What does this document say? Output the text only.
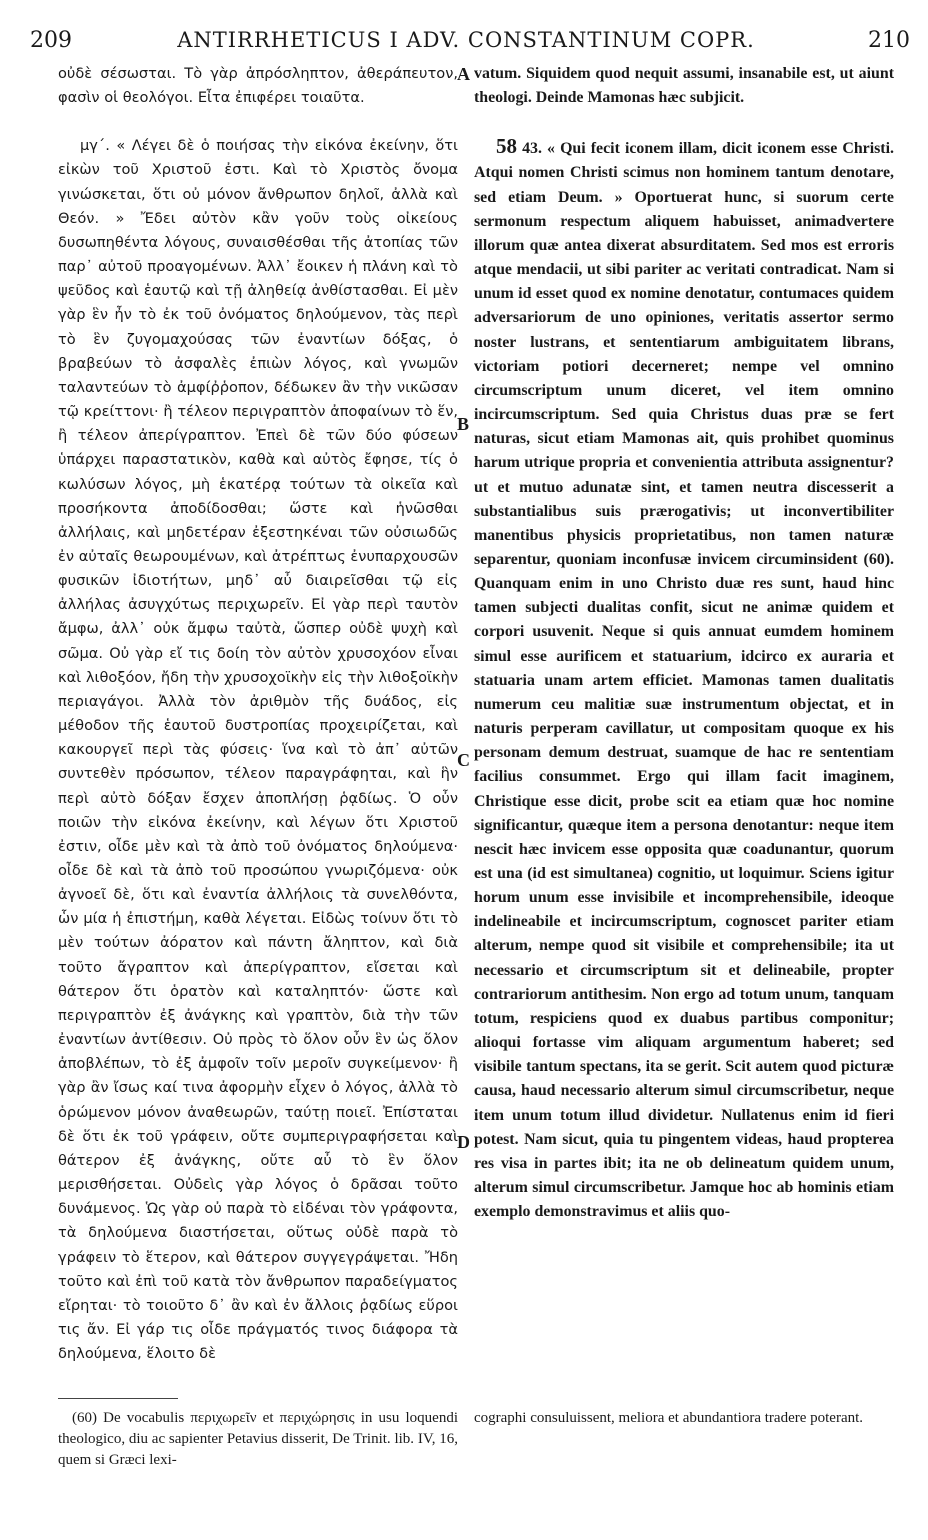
209	ANTIRRHETICUS I ADV. CONSTANTINUM COPR.	210

οὐδὲ σέσωσται. Τὸ γὰρ ἀπρόσληπτον, ἀθεράπευτον, φασὶν οἱ θεολόγοι. Εἶτα ἐπιφέρει τοιαῦτα.

μγ΄. « Λέγει δὲ ὁ ποιήσας τὴν εἰκόνα ἐκείνην, ὅτι εἰκὼν τοῦ Χριστοῦ ἐστι. Καὶ τὸ Χριστὸς ὄνομα γινώσκεται, ὅτι οὐ μόνον ἄνθρωπον δηλοῖ, ἀλλὰ καὶ Θεόν. » Ἔδει αὐτὸν κἂν γοῦν τοὺς οἰκείους δυσωπηθέντα λόγους, συναισθέσθαι τῆς ἀτοπίας τῶν παρ᾽ αὐτοῦ προαγομένων. Ἀλλ᾽ ἔοικεν ἡ πλάνη καὶ τὸ ψεῦδος καὶ ἑαυτῷ καὶ τῇ ἀληθείᾳ ἀνθίστασθαι. Εἰ μὲν γὰρ ἓν ἦν τὸ ἐκ τοῦ ὀνόματος δηλούμενον, τὰς περὶ τὸ ἓν ζυγομαχούσας τῶν ἐναντίων δόξας, ὁ βραβεύων τὸ ἀσφαλὲς ἐπιὼν λόγος, καὶ γνωμῶν ταλαντεύων τὸ ἀμφίῤῥοπον, δέδωκεν ἂν τὴν νικῶσαν τῷ κρείττονι· ἢ τέλεον περιγραπτὸν ἀποφαίνων τὸ ἕν, ἢ τέλεον ἀπερίγραπτον. Ἐπεὶ δὲ τῶν δύο φύσεων ὑπάρχει παραστατικὸν, καθὰ καὶ αὐτὸς ἔφησε, τίς ὁ κωλύσων λόγος, μὴ ἑκατέρᾳ τούτων τὰ οἰκεῖα καὶ προσήκοντα ἀποδίδοσθαι; ὥστε καὶ ἡνῶσθαι ἀλλήλαις, καὶ μηδετέραν ἐξεστηκέναι τῶν οὐσιωδῶς ἐν αὐταῖς θεωρουμένων, καὶ ἀτρέπτως ἐνυπαρχουσῶν φυσικῶν ἰδιοτήτων, μηδ᾽ αὖ διαιρεῖσθαι τῷ εἰς ἀλλήλας ἀσυγχύτως περιχωρεῖν. Εἰ γὰρ περὶ ταυτὸν ἄμφω, ἀλλ᾽ οὐκ ἄμφω ταὐτὰ, ὥσπερ οὐδὲ ψυχὴ καὶ σῶμα. Οὐ γὰρ εἴ τις δοίη τὸν αὐτὸν χρυσοχόον εἶναι καὶ λιθοξόον, ἤδη τὴν χρυσοχοϊκὴν εἰς τὴν λιθοξοϊκὴν περιαγάγοι. Ἀλλὰ τὸν ἀριθμὸν τῆς δυάδος, εἰς μέθοδον τῆς ἑαυτοῦ δυστροπίας προχειρίζεται, καὶ κακουργεῖ περὶ τὰς φύσεις· ἵνα καὶ τὸ ἀπ᾽ αὐτῶν συντεθὲν πρόσωπον, τέλεον παραγράφηται, καὶ ἣν περὶ αὐτὸ δόξαν ἔσχεν ἀποπλήσῃ ῥᾳδίως. Ὁ οὖν ποιῶν τὴν εἰκόνα ἐκείνην, καὶ λέγων ὅτι Χριστοῦ ἐστιν, οἶδε μὲν καὶ τὰ ἀπὸ τοῦ ὀνόματος δηλούμενα· οἶδε δὲ καὶ τὰ ἀπὸ τοῦ προσώπου γνωριζόμενα· οὐκ ἀγνοεῖ δὲ, ὅτι καὶ ἐναντία ἀλλήλοις τὰ συνελθόντα, ὧν μία ἡ ἐπιστήμη, καθὰ λέγεται. Εἰδὼς τοίνυν ὅτι τὸ μὲν τούτων ἀόρατον καὶ πάντη ἄληπτον, καὶ διὰ τοῦτο ἄγραπτον καὶ ἀπερίγραπτον, εἴσεται καὶ θάτερον ὅτι ὁρατὸν καὶ καταληπτόν· ὥστε καὶ περιγραπτὸν ἐξ ἀνάγκης καὶ γραπτὸν, διὰ τὴν τῶν ἐναντίων ἀντίθεσιν. Οὐ πρὸς τὸ ὅλον οὖν ἓν ὡς ὅλον ἀποβλέπων, τὸ ἐξ ἀμφοῖν τοῖν μεροῖν συγκείμενον· ἢ γὰρ ἂν ἴσως καί τινα ἀφορμὴν εἶχεν ὁ λόγος, ἀλλὰ τὸ ὁρώμενον μόνον ἀναθεωρῶν, ταύτῃ ποιεῖ. Ἐπίσταται δὲ ὅτι ἐκ τοῦ γράφειν, οὔτε συμπεριγραφήσεται καὶ θάτερον ἐξ ἀνάγκης, οὔτε αὖ τὸ ἓν ὅλον μερισθήσεται. Οὐδεὶς γὰρ λόγος ὁ δρᾶσαι τοῦτο δυνάμενος. Ὡς γὰρ οὐ παρὰ τὸ εἰδέναι τὸν γράφοντα, τὰ δηλούμενα διαστήσεται, οὕτως οὐδὲ παρὰ τὸ γράφειν τὸ ἕτερον, καὶ θάτερον συγγεγράψεται. Ἤδη τοῦτο καὶ ἐπὶ τοῦ κατὰ τὸν ἄνθρωπον παραδείγματος εἴρηται· τὸ τοιοῦτο δ᾽ ἂν καὶ ἐν ἄλλοις ῥᾳδίως εὕροι τις ἄν. Εἰ γάρ τις οἶδε πράγματός τινος διάφορα τὰ δηλούμενα, ἕλοιτο δὲ

vatum. Siquidem quod nequit assumi, insanabile est, ut aiunt theologi. Deinde Mamonas hæc subjicit.

58 43. « Qui fecit iconem illam, dicit iconem esse Christi. Atqui nomen Christi scimus non hominem tantum denotare, sed etiam Deum. » Oportuerat hunc, si suorum certe sermonum respectum aliquem habuisset, animadvertere illorum quæ antea dixerat absurditatem. Sed mos est erroris atque mendacii, ut sibi pariter ac veritati contradicat. Nam si unum id esset quod ex nomine denotatur, contumaces quidem adversariorum de uno opiniones, veritatis assertor sermo noster lustrans, et sententiarum ambiguitatem librans, victoriam potiori decerneret; nempe vel omnino circumscriptum unum diceret, vel item omnino incircumscriptum. Sed quia Christus duas præ se fert naturas, sicut etiam Mamonas ait, quis prohibet quominus harum utrique propria et convenientia attributa assignentur? ut et mutuo adunatæ sint, et tamen neutra discesserit a substantialibus suis prærogativis; ut inconvertibiliter manentibus physicis proprietatibus, non tamen naturæ separentur, quoniam inconfusæ invicem circuminsident (60). Quanquam enim in uno Christo duæ res sunt, haud hinc tamen subjecti dualitas confit, sicut ne animæ quidem et corpori usuvenit. Neque si quis annuat eumdem hominem simul esse aurificem et statuarium, idcirco ex auraria et statuaria unam artem efficiet. Mamonas tamen dualitatis numerum ceu malitiæ suæ instrumentum objectat, et in naturis perperam cavillatur, ut compositam quoque ex his personam demum destruat, suamque de hac re sententiam facilius consummet. Ergo qui illam facit imaginem, Christique esse dicit, probe scit ea etiam quæ hoc nomine significantur, quæque item a persona denotantur: neque item nescit hæc invicem esse opposita quæ coadunantur, quorum est una (id est simultanea) cognitio, ut loquimur. Sciens igitur horum unum esse invisibile et incomprehensibile, ideoque indelineabile et incircumscriptum, cognoscet pariter etiam alterum, nempe quod sit visibile et comprehensibile; ita ut necessario et circumscriptum sit et delineabile, propter contrariorum antithesim. Non ergo ad totum unum, tanquam totum, respiciens quod ex duabus partibus componitur; alioqui fortasse vim aliquam argumentum haberet; sed visibile tantum spectans, ita se gerit. Scit autem quod picturæ causa, haud necessario alterum simul circumscribetur, neque item unum totum illud dividetur. Nullatenus enim id fieri potest. Nam sicut, quia tu pingentem videas, haud propterea res visa in partes ibit; ita ne ob delineatum quidem unum, alterum simul circumscribetur. Jamque hoc ab hominis etiam exemplo demonstravimus et aliis quo-

A
B
C
D
(60) De vocabulis περιχωρεῖν et περιχώρησις in usu loquendi theologico, diu ac sapienter Petavius disserit, De Trinit. lib. IV, 16, quem si Græci lexi-
cographi consuluissent, meliora et abundantiora tradere poterant.
